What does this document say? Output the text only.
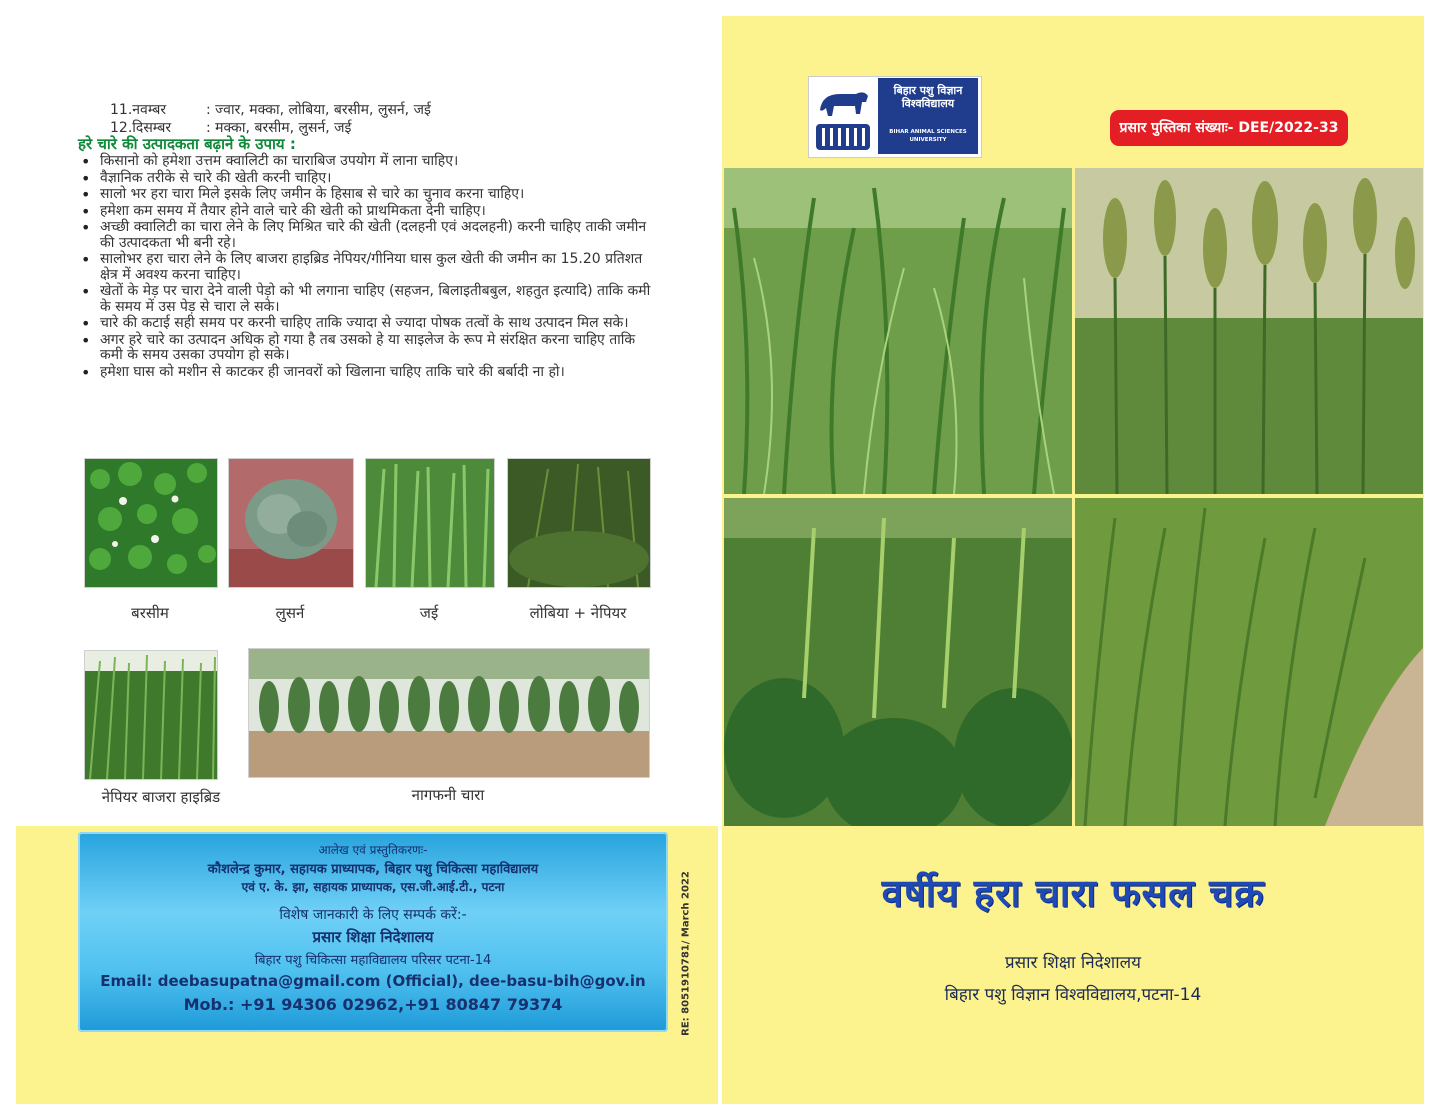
11.नवम्बर	: ज्वार, मक्का, लोबिया, बरसीम, लुसर्न, जई
12.दिसम्बर : मक्का, बरसीम, लुसर्न, जई
हरे चारे की उत्पादकता बढ़ाने के उपाय :
• किसानो को हमेशा उत्तम क्वालिटी का चाराबिज उपयोग में लाना चाहिए।
• वैज्ञानिक तरीके से चारे की खेती करनी चाहिए।
• सालो भर हरा चारा मिले इसके लिए जमीन के हिसाब से चारे का चुनाव करना चाहिए।
• हमेशा कम समय में तैयार होने वाले चारे की खेती को प्राथमिकता देनी चाहिए।
• अच्छी क्वालिटी का चारा लेने के लिए मिश्रित चारे की खेती (दलहनी एवं अदलहनी) करनी चाहिए ताकी जमीन की उत्पादकता भी बनी रहे।
• सालोभर हरा चारा लेने के लिए बाजरा हाइब्रिड नेपियर/गीनिया घास कुल खेती की जमीन का 15.20 प्रतिशत क्षेत्र में अवश्य करना चाहिए।
• खेतों के मेड़ पर चारा देने वाली पेड़ो को भी लगाना चाहिए (सहजन, बिलाइतीबबुल, शहतुत इत्यादि) ताकि कमी के समय में उस पेड़ से चारा ले सके।
• चारे की कटाई सही समय पर करनी चाहिए ताकि ज्यादा से ज्यादा पोषक तत्वों के साथ उत्पादन मिल सके।
• अगर हरे चारे का उत्पादन अधिक हो गया है तब उसको हे या साइलेज के रूप मे संरक्षित करना चाहिए ताकि कमी के समय उसका उपयोग हो सके।
• हमेशा घास को मशीन से काटकर ही जानवरों को खिलाना चाहिए ताकि चारे की बर्बादी ना हो।
बरसीम	लुसर्न	जई	लोबिया + नेपियर
नेपियर बाजरा हाइब्रिड	नागफनी चारा
आलेख एवं प्रस्तुतिकरणः-
कौशलेन्द्र कुमार, सहायक प्राध्यापक, बिहार पशु चिकित्सा महाविद्यालय
एवं ए. के. झा, सहायक प्राध्यापक, एस.जी.आई.टी., पटना
विशेष जानकारी के लिए सम्पर्क करें:-
प्रसार शिक्षा निदेशालय
बिहार पशु चिकित्सा महाविद्यालय परिसर पटना-14
Email: deebasupatna@gmail.com (Official), dee-basu-bih@gov.in
Mob.: +91 94306 02962,+91 80847 79374	RE: 8051910781/ March 2022
बिहार पशु विज्ञान
विश्वविद्यालय
BIHAR ANIMAL SCIENCES
UNIVERSITY
प्रसार पुस्तिका संख्याः- DEE/2022-33
वर्षीय हरा चारा फसल चक्र
प्रसार शिक्षा निदेशालय
बिहार पशु विज्ञान विश्वविद्यालय,पटना-14
